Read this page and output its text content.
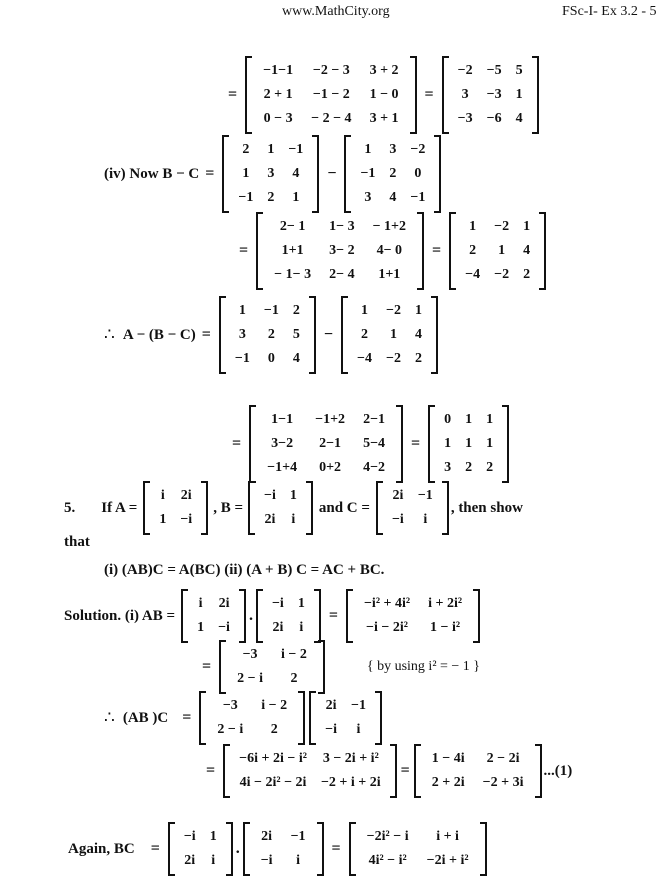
www.MathCity.org	FSc-I- Ex 3.2 - 5
=
−1−1	−2 − 3	3 + 2
2 + 1	−1 − 2	1 − 0
0 − 3	− 2 − 4	3 + 1
=
−2	−5	5
3	−3	1
−3	−6	4
(iv) Now B − C =
2	1	−1
1	3	4
−1	2	1
−
1	3	−2
−1	2	0
3	4	−1
=
2− 1	1− 3	− 1+2
1+1	3− 2	4− 0
− 1− 3	2− 4	1+1
=
1	−2	1
2	1	4
−4	−2	2
∴ A − (B − C) =
1	−1	2
3	2	5
−1	0	4
−
1	−2	1
2	1	4
−4	−2	2
=
1−1	−1+2	2−1
3−2	2−1	5−4
−1+4	0+2	4−2
=
0	1	1
1	1	1
3	2	2
5. If A =
i	2i
1	−i
, B =
−i	1
2i	i
and C =
2i	−1
−i	i
, then show
that
(i) (AB)C = A(BC) (ii) (A + B) C = AC + BC.
Solution. (i) AB =
i	2i
1	−i
.
−i	1
2i	i
=
−i² + 4i²	i + 2i²
−i − 2i²	1 − i²
=
−3	i − 2
2 − i	2
{ by using i² = − 1 }
∴ (AB )C =
−3	i − 2
2 − i	2
2i	−1
−i	i
=
−6i + 2i − i²	3 − 2i + i²
4i − 2i² − 2i	−2 + i + 2i
=
1 − 4i	2 − 2i
2 + 2i	−2 + 3i
...(1)
Again, BC =
−i	1
2i	i
.
2i	−1
−i	i
=
−2i² − i	i + i
4i² − i²	−2i + i²
